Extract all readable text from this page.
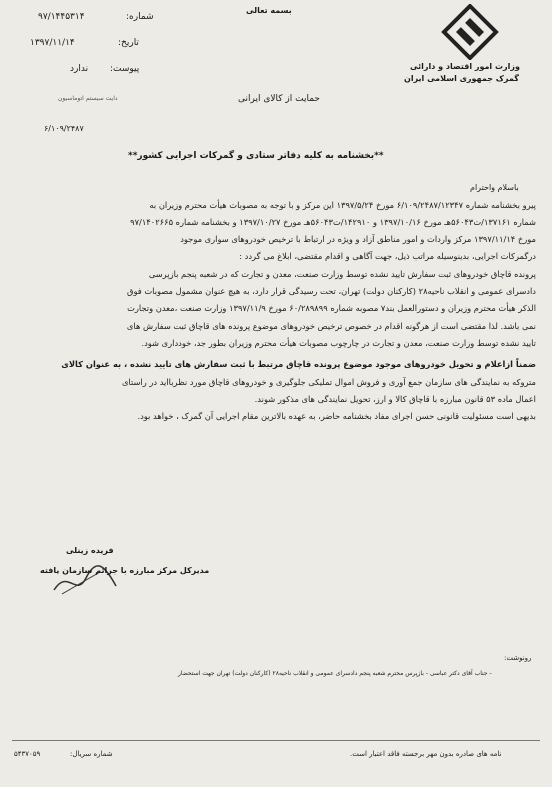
وزارت امور اقتصاد و دارائی
گمرک جمهوری اسلامی ایران
بسمه تعالی
شماره:
۹۷/۱۴۴۵۳۱۴
تاریخ:
۱۳۹۷/۱۱/۱۴
پیوست:
ندارد
دایت سیستم اتوماسیون	حمایت از کالای ایرانی
۶/۱۰۹/۲۴۸۷
**بخشنامه به کلیه دفاتر ستادی و گمرکات اجرایی کشور**
باسلام واحترام
پیرو بخشنامه شماره ۶/۱۰۹/۲۴۸۷/۱۲۳۴۷ مورخ ۱۳۹۷/۵/۲۴ این مرکز و با توجه به مصوبات هیأت محترم وزیران به
شماره ۱۳۷۱۶۱/ت۵۶۰۴۳هـ مورخ ۱۳۹۷/۱۰/۱۶ و ۱۴۲۹۱۰/ت۵۶۰۴۳هـ مورخ ۱۳۹۷/۱۰/۲۷ و بخشنامه شماره ۹۷/۱۴۰۲۶۶۵
مورخ ۱۳۹۷/۱۱/۱۴ مرکز واردات و امور مناطق آزاد و ویژه در ارتباط با ترخیص خودروهای سواری موجود
درگمرکات اجرایی، بدینوسیله مراتب ذیل، جهت آگاهی و اقدام مقتضی، ابلاغ می گردد :
پرونده قاچاق خودروهای ثبت سفارش تایید نشده توسط وزارت صنعت، معدن و تجارت که در شعبه پنجم بازپرسی
دادسرای عمومی و انقلاب ناحیه۲۸ (کارکنان دولت) تهران، تحت رسیدگی قرار دارد، به هیچ عنوان مشمول مصوبات فوق
الذکر هیأت محترم وزیران و دستورالعمل بند۷ مصوبه شماره ۶۰/۲۸۹۸۹۹ مورخ ۱۳۹۷/۱۱/۹ وزارت صنعت ،معدن وتجارت
نمی باشد. لذا مقتضی است از هرگونه اقدام در خصوص ترخیص خودروهای موضوع پرونده های قاچاق ثبت سفارش های
تایید نشده توسط وزارت صنعت، معدن و تجارت در چارچوب مصوبات هیأت محترم وزیران بطور جد، خودداری شود.
ضمناً ازاعلام و تحویل خودروهای موجود موضوع پرونده قاچاق مرتبط با ثبت سفارش های تایید نشده ، به عنوان کالای
متروکه به نمایندگی های سازمان جمع آوری و فروش اموال تملیکی جلوگیری و خودروهای قاچاق مورد نظربااید در راستای
اعمال ماده ۵۳ قانون مبارزه با قاچاق کالا و ارز، تحویل نمایندگی های مذکور شوند.
بدیهی است مسئولیت قانونی حسن اجرای مفاد بخشنامه حاضر، به عهده بالاترین مقام اجرایی آن گمرک ، خواهد بود.
فریده زینلی
مدیرکل مرکز مبارزه با جرائم سازمان یافته
رونوشت:
- جناب آقای دکتر عباسی - بازپرس محترم شعبه پنجم دادسرای عمومی و انقلاب ناحیه۲۸ (کارکنان دولت) تهران جهت استحضار
نامه های صادره بدون مهر برجسته فاقد اعتبار است.
شماره سریال:
۵۴۳۷۰۵۹
